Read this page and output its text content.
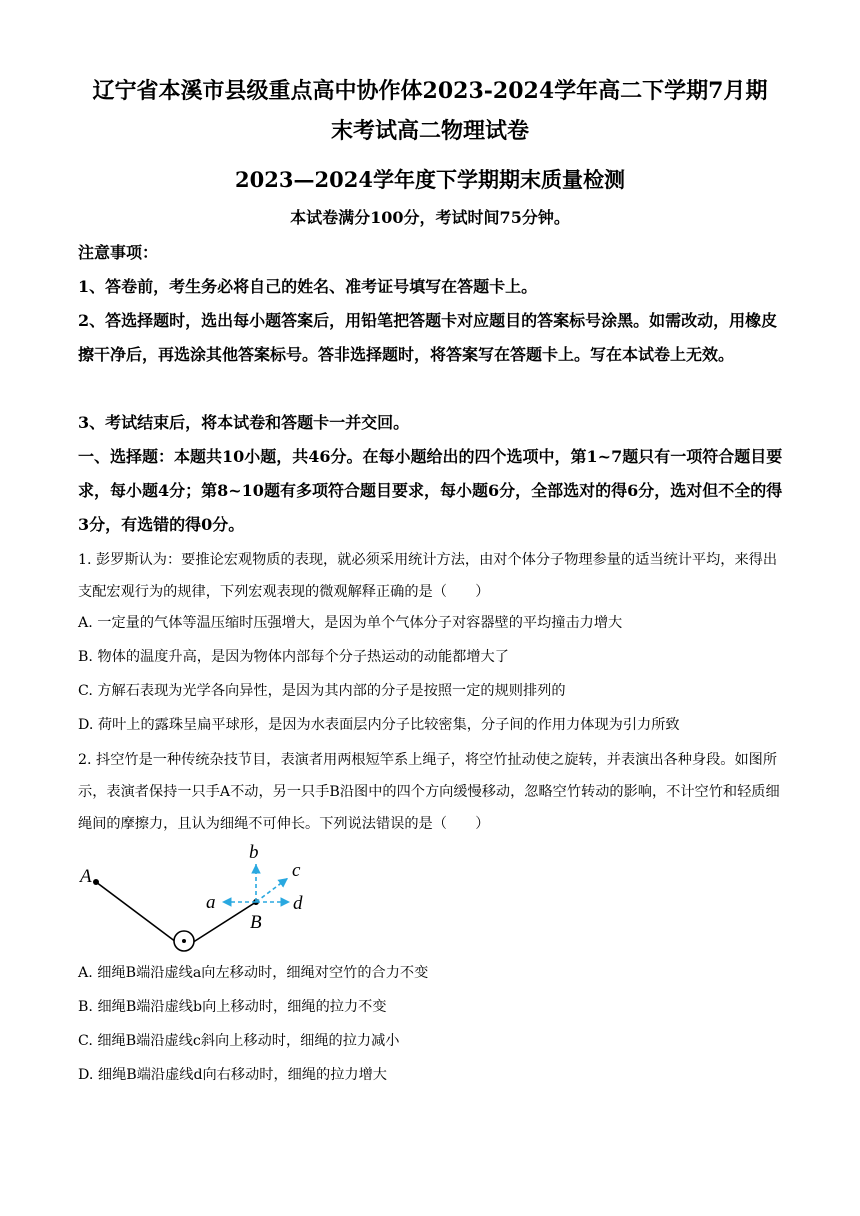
辽宁省本溪市县级重点高中协作体2023-2024学年高二下学期7月期
末考试高二物理试卷
2023—2024学年度下学期期末质量检测

本试卷满分100分，考试时间75分钟。

注意事项：

1、答卷前，考生务必将自己的姓名、准考证号填写在答题卡上。

2、答选择题时，选出每小题答案后，用铅笔把答题卡对应题目的答案标号涂黑。如需改动，用橡皮擦干净后，再选涂其他答案标号。答非选择题时，将答案写在答题卡上。写在本试卷上无效。

3、考试结束后，将本试卷和答题卡一并交回。

一、选择题：本题共10小题，共46分。在每小题给出的四个选项中，第1~7题只有一项符合题目要求，每小题4分；第8~10题有多项符合题目要求，每小题6分，全部选对的得6分，选对但不全的得3分，有选错的得0分。

1. 彭罗斯认为：要推论宏观物质的表现，就必须采用统计方法，由对个体分子物理参量的适当统计平均，来得出支配宏观行为的规律，下列宏观表现的微观解释正确的是（　　）

A. 一定量的气体等温压缩时压强增大，是因为单个气体分子对容器壁的平均撞击力增大

B. 物体的温度升高，是因为物体内部每个分子热运动的动能都增大了

C. 方解石表现为光学各向异性，是因为其内部的分子是按照一定的规则排列的

D. 荷叶上的露珠呈扁平球形，是因为水表面层内分子比较密集，分子间的作用力体现为引力所致

2. 抖空竹是一种传统杂技节目，表演者用两根短竿系上绳子，将空竹扯动使之旋转，并表演出各种身段。如图所示，表演者保持一只手A不动，另一只手B沿图中的四个方向缓慢移动，忽略空竹转动的影响，不计空竹和轻质细绳间的摩擦力，且认为细绳不可伸长。下列说法错误的是（　　）

A
B
a
b
c
d

A. 细绳B端沿虚线a向左移动时，细绳对空竹的合力不变

B. 细绳B端沿虚线b向上移动时，细绳的拉力不变

C. 细绳B端沿虚线c斜向上移动时，细绳的拉力减小

D. 细绳B端沿虚线d向右移动时，细绳的拉力增大
